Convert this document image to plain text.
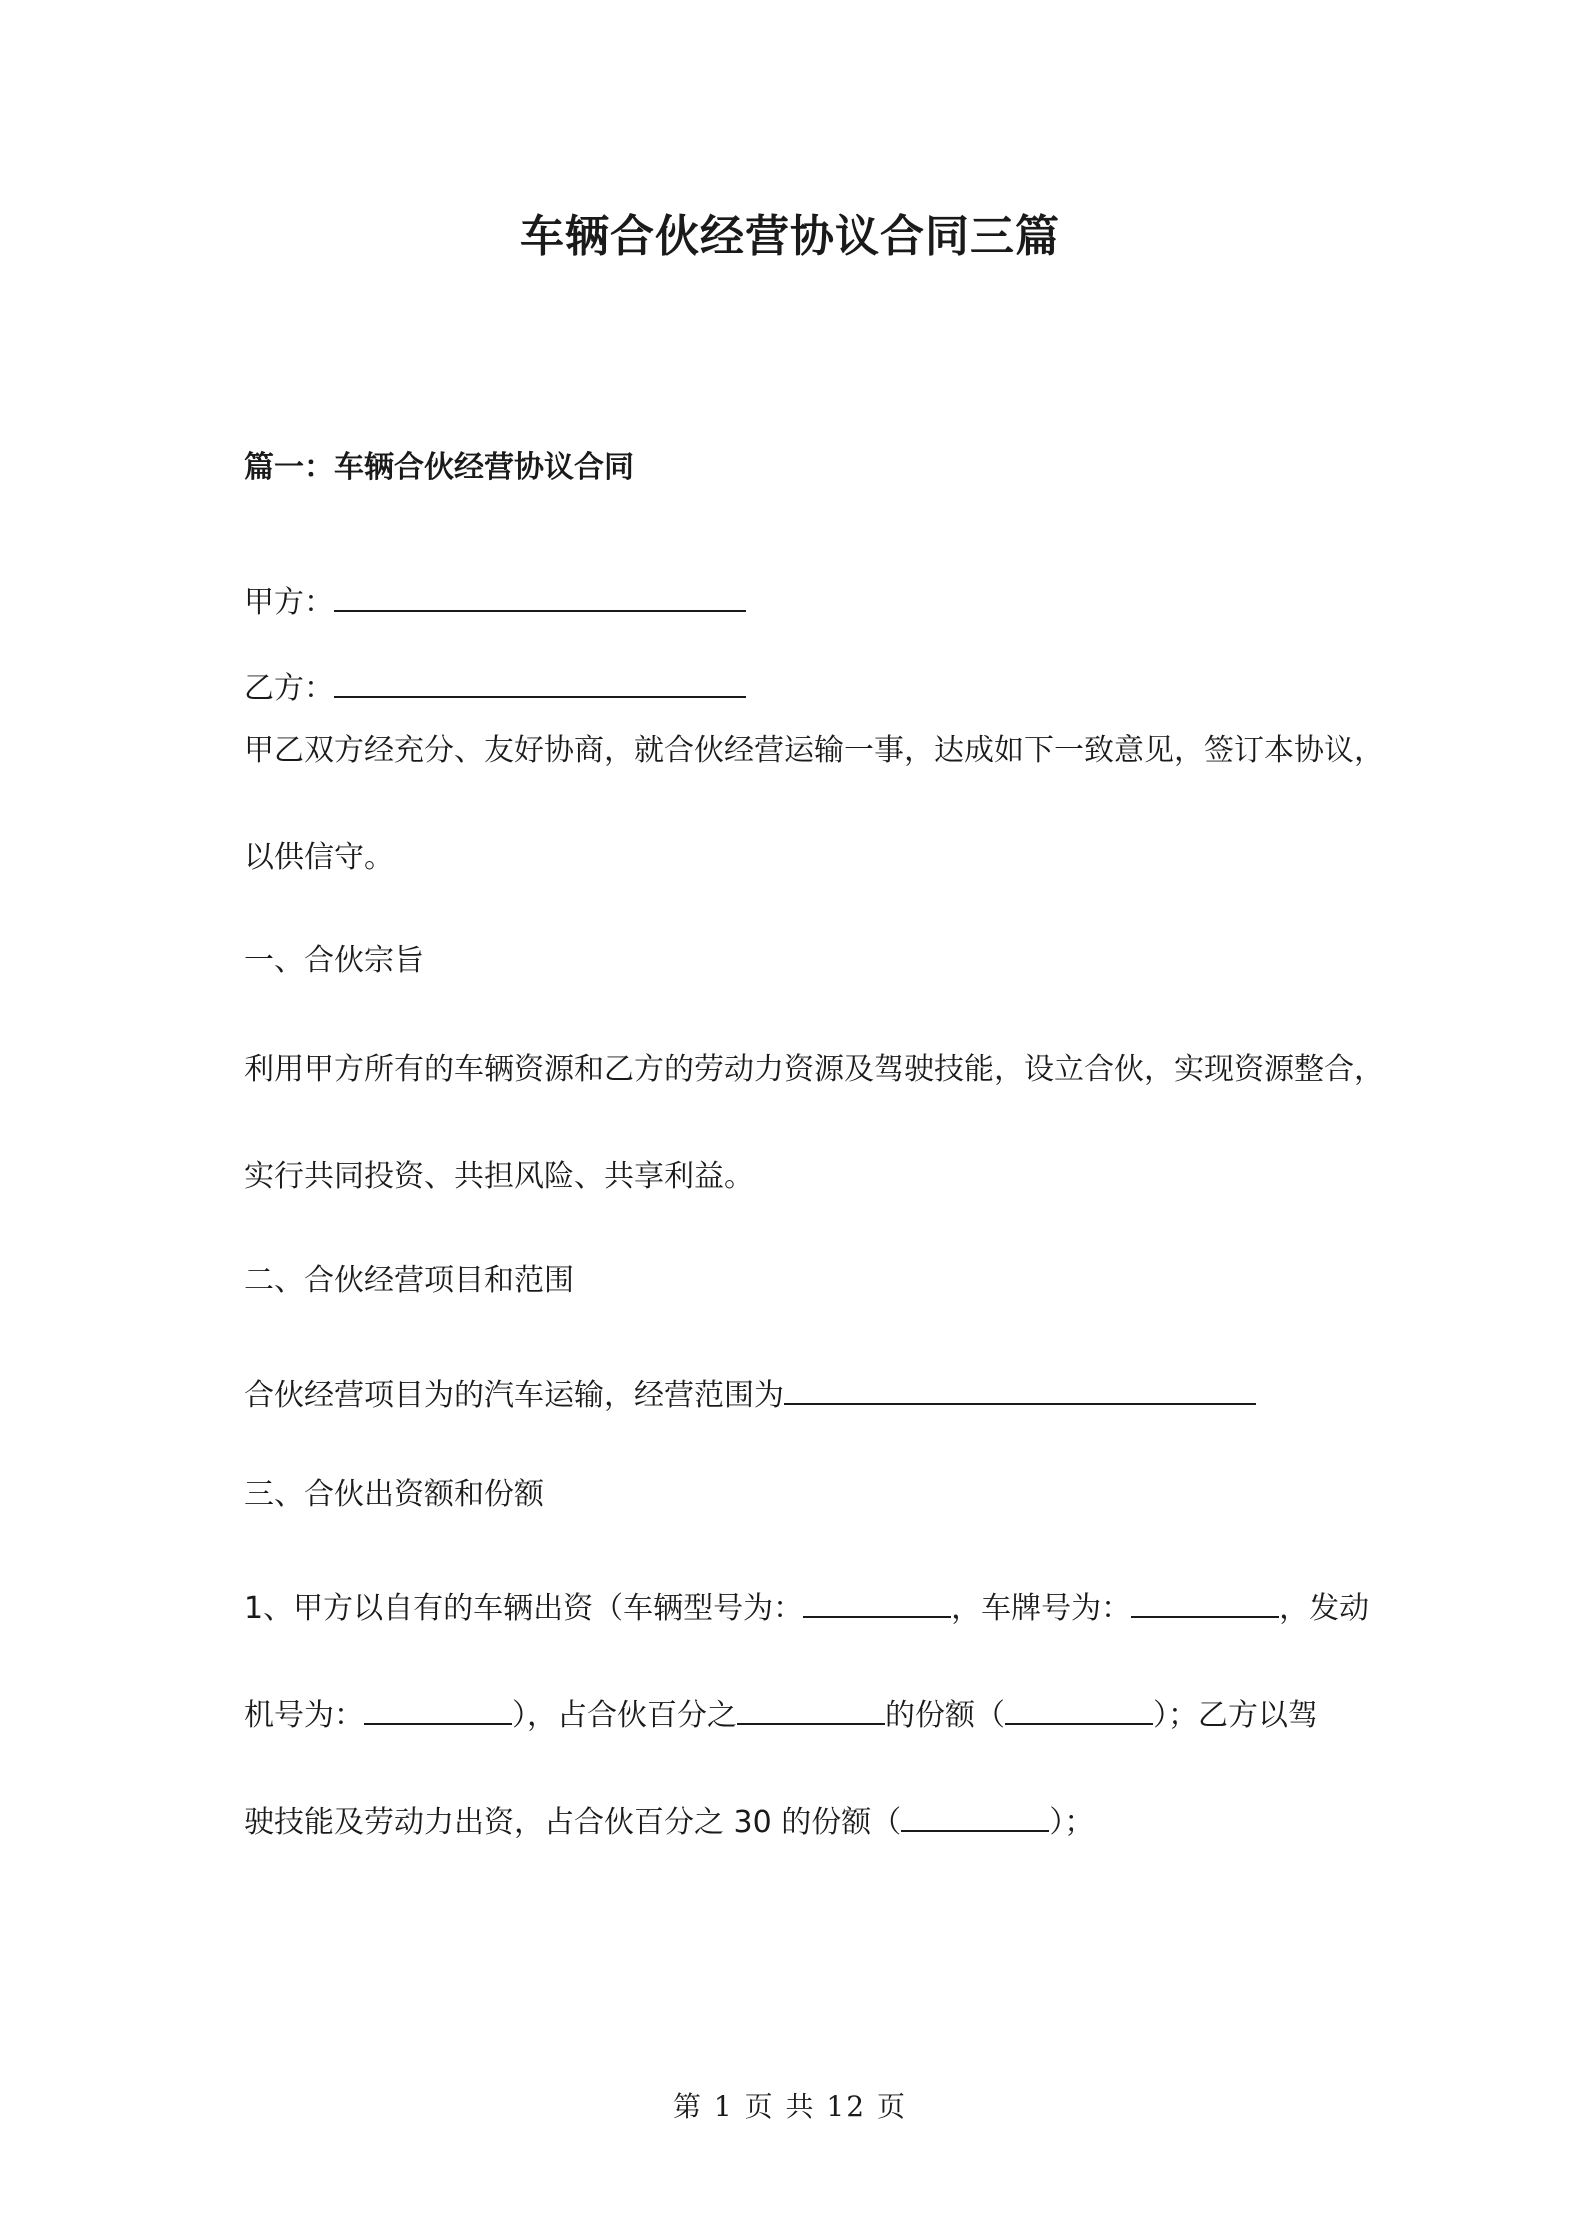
车辆合伙经营协议合同三篇
篇一：车辆合伙经营协议合同
甲方：
乙方：
甲乙双方经充分、友好协商，就合伙经营运输一事，达成如下一致意见，签订本协议，
以供信守。
一、合伙宗旨
利用甲方所有的车辆资源和乙方的劳动力资源及驾驶技能，设立合伙，实现资源整合，
实行共同投资、共担风险、共享利益。
二、合伙经营项目和范围
合伙经营项目为的汽车运输，经营范围为
三、合伙出资额和份额
1、甲方以自有的车辆出资（车辆型号为：	，车牌号为：	，发动
机号为：	），占合伙百分之	的份额（	）；乙方以驾
驶技能及劳动力出资，占合伙百分之 30 的份额（	）；
第 1 页 共 12 页
